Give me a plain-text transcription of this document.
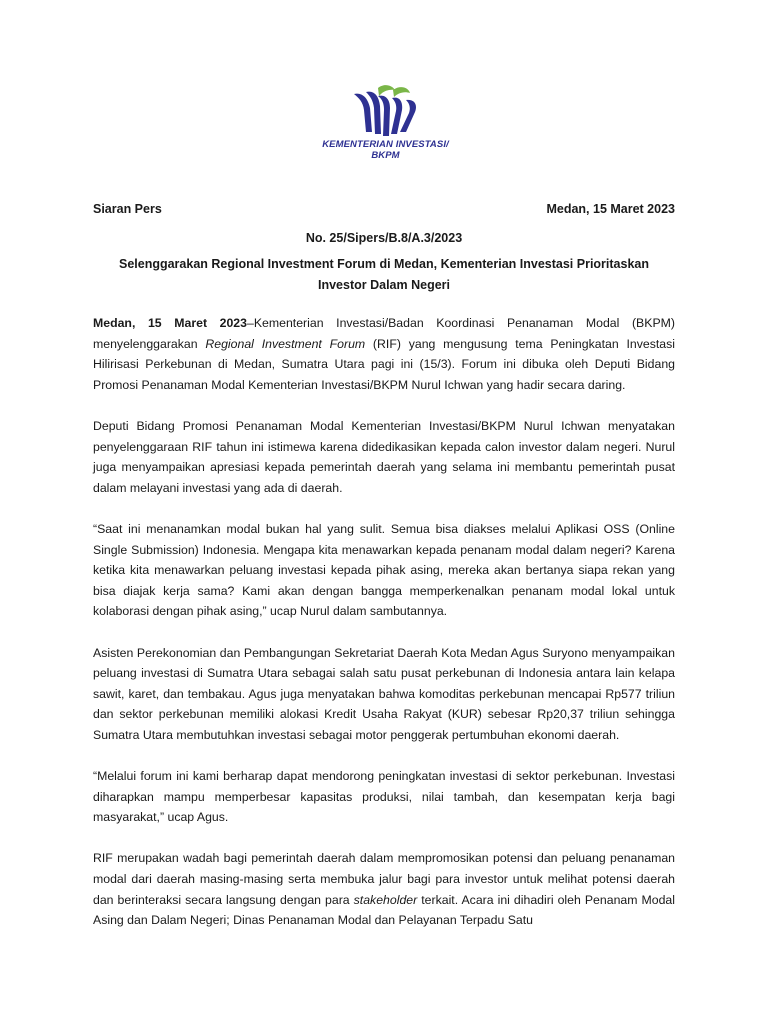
KEMENTERIAN INVESTASI/
BKPM
Siaran Pers	Medan, 15 Maret 2023
No. 25/Sipers/B.8/A.3/2023
Selenggarakan Regional Investment Forum di Medan, Kementerian Investasi Prioritaskan Investor Dalam Negeri

Medan, 15 Maret 2023–Kementerian Investasi/Badan Koordinasi Penanaman Modal (BKPM) menyelenggarakan Regional Investment Forum (RIF) yang mengusung tema Peningkatan Investasi Hilirisasi Perkebunan di Medan, Sumatra Utara pagi ini (15/3). Forum ini dibuka oleh Deputi Bidang Promosi Penanaman Modal Kementerian Investasi/BKPM Nurul Ichwan yang hadir secara daring.

Deputi Bidang Promosi Penanaman Modal Kementerian Investasi/BKPM Nurul Ichwan menyatakan penyelenggaraan RIF tahun ini istimewa karena didedikasikan kepada calon investor dalam negeri. Nurul juga menyampaikan apresiasi kepada pemerintah daerah yang selama ini membantu pemerintah pusat dalam melayani investasi yang ada di daerah.

“Saat ini menanamkan modal bukan hal yang sulit. Semua bisa diakses melalui Aplikasi OSS (Online Single Submission) Indonesia. Mengapa kita menawarkan kepada penanam modal dalam negeri? Karena ketika kita menawarkan peluang investasi kepada pihak asing, mereka akan bertanya siapa rekan yang bisa diajak kerja sama? Kami akan dengan bangga memperkenalkan penanam modal lokal untuk kolaborasi dengan pihak asing,” ucap Nurul dalam sambutannya.

Asisten Perekonomian dan Pembangungan Sekretariat Daerah Kota Medan Agus Suryono menyampaikan peluang investasi di Sumatra Utara sebagai salah satu pusat perkebunan di Indonesia antara lain kelapa sawit, karet, dan tembakau. Agus juga menyatakan bahwa komoditas perkebunan mencapai Rp577 triliun dan sektor perkebunan memiliki alokasi Kredit Usaha Rakyat (KUR) sebesar Rp20,37 triliun sehingga Sumatra Utara membutuhkan investasi sebagai motor penggerak pertumbuhan ekonomi daerah.

“Melalui forum ini kami berharap dapat mendorong peningkatan investasi di sektor perkebunan. Investasi diharapkan mampu memperbesar kapasitas produksi, nilai tambah, dan kesempatan kerja bagi masyarakat,” ucap Agus.

RIF merupakan wadah bagi pemerintah daerah dalam mempromosikan potensi dan peluang penanaman modal dari daerah masing-masing serta membuka jalur bagi para investor untuk melihat potensi daerah dan berinteraksi secara langsung dengan para stakeholder terkait. Acara ini dihadiri oleh Penanam Modal Asing dan Dalam Negeri; Dinas Penanaman Modal dan Pelayanan Terpadu Satu
